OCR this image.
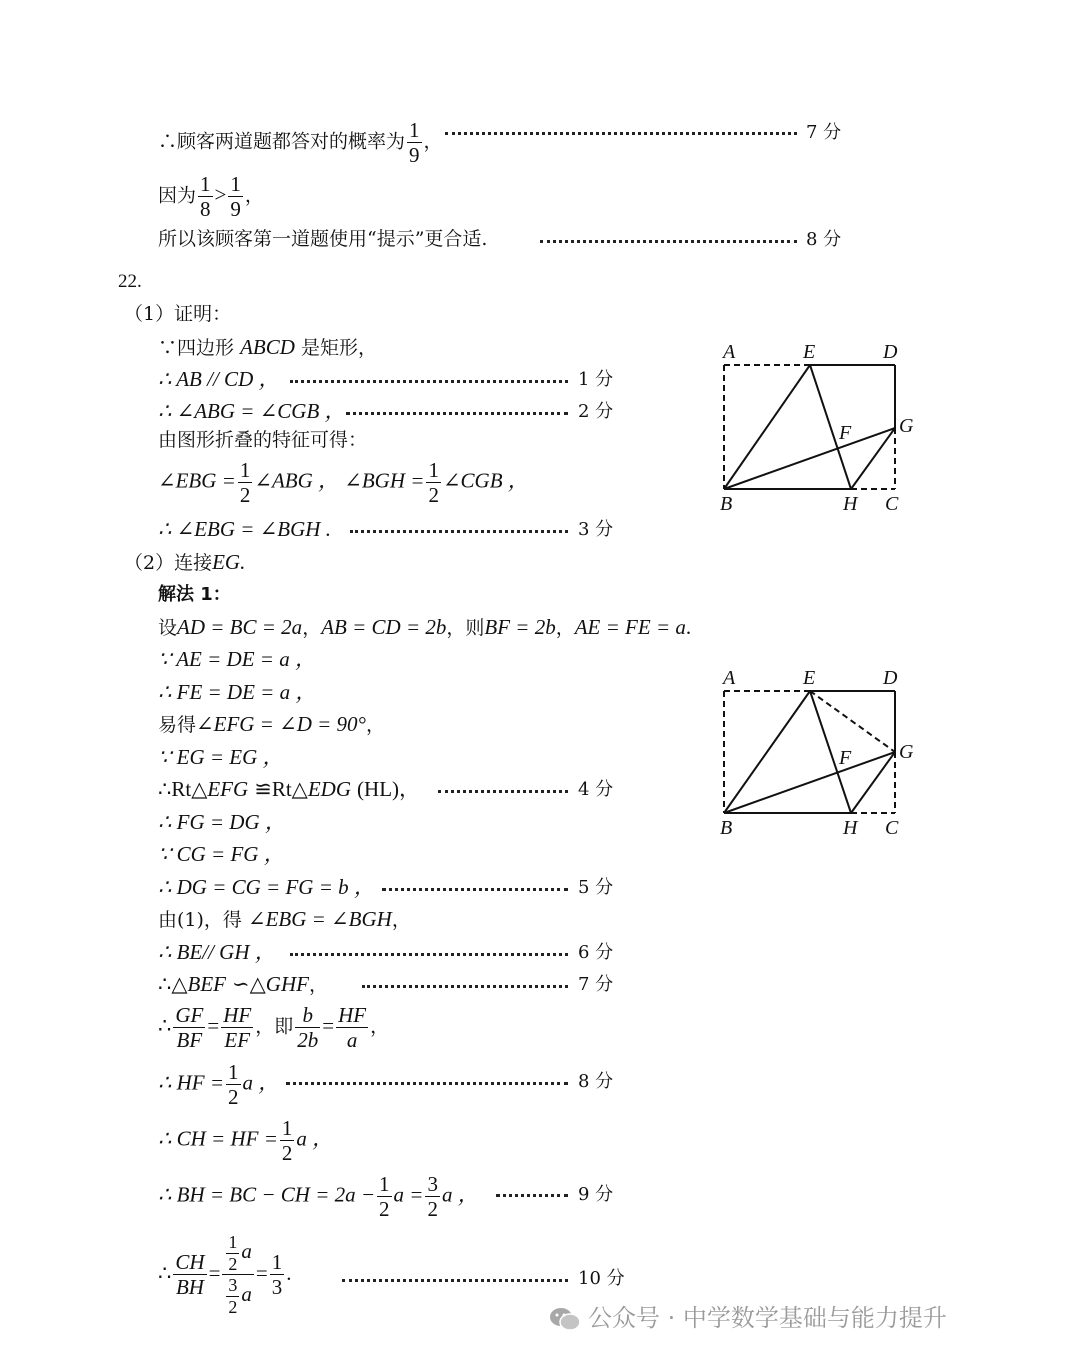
∴顾客两道题都答对的概率为 $\frac{1}{9}$ ，	7 分
因为 $\frac{1}{8} > \frac{1}{9}$ ，
所以该顾客第一道题使用“提示”更合适.	8 分
22.
（1）证明：
∵四边形 ABCD 是矩形，
∴ AB // CD ，	1 分
∴ ∠ABG = ∠CGB ，	2 分
由图形折叠的特征可得：
∠EBG = $\frac{1}{2}$ ∠ABG ， ∠BGH = $\frac{1}{2}$ ∠CGB ，
∴ ∠EBG = ∠BGH .	3 分
（2）连接EG.
解法 1：
设AD = BC = 2a，AB = CD = 2b，则BF = 2b，AE = FE = a.
∵ AE = DE = a ，
∴ FE = DE = a ，
易得∠EFG = ∠D = 90°，
∵ EG = EG ，
∴Rt△EFG ≌Rt△EDG (HL)，	4 分
∴ FG = DG ，
∵ CG = FG ，
∴ DG = CG = FG = b ，	5 分
由(1)，得 ∠EBG = ∠BGH，
∴ BE// GH ，	6 分
∴△BEF ∽△GHF，	7 分
∴ $\frac{GF}{BF} = \frac{HF}{EF}$ ，即 $\frac{b}{2b} = \frac{HF}{a}$ ，
∴ HF = $\frac{1}{2}$ a ，	8 分
∴ CH = HF = $\frac{1}{2}$ a ，
∴ BH = BC − CH = $2a - \frac{1}{2}$ $a = \frac{3}{2}$ a ，	9 分
∴ $\frac{CH}{BH} = \frac{\frac{1}{2} a}{\frac{3}{2} a} = \frac{1}{3}$ .	10 分
A	E	D
F G
B	H C
A	E	D
F G
B	H C
公众号 · 中学数学基础与能力提升
